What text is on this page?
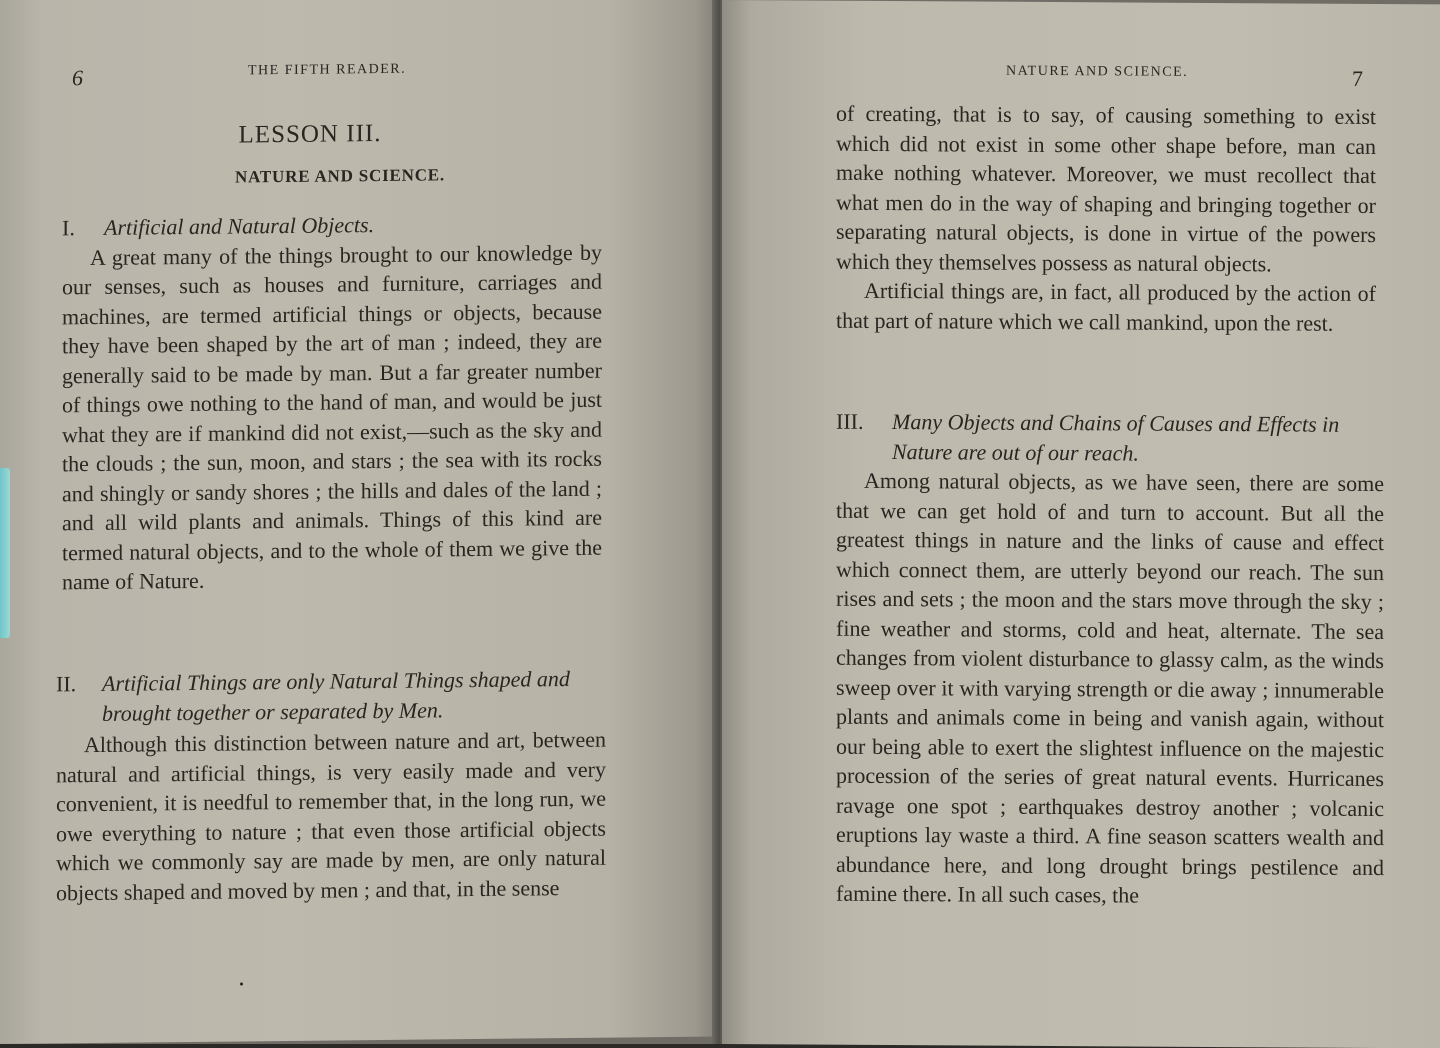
6	THE FIFTH READER.
LESSON III.
NATURE AND SCIENCE.
I.	Artificial and Natural Objects.

A great many of the things brought to our knowledge by our senses, such as houses and furniture, carriages and machines, are termed artificial things or objects, because they have been shaped by the art of man ; indeed, they are generally said to be made by man. But a far greater number of things owe nothing to the hand of man, and would be just what they are if mankind did not exist,—such as the sky and the clouds ; the sun, moon, and stars ; the sea with its rocks and shingly or sandy shores ; the hills and dales of the land ; and all wild plants and animals. Things of this kind are termed natural objects, and to the whole of them we give the name of Nature.

II. Artificial Things are only Natural Things shaped and brought together or separated by Men.

Although this distinction between nature and art, between natural and artificial things, is very easily made and very convenient, it is needful to remember that, in the long run, we owe everything to nature ; that even those artificial objects which we commonly say are made by men, are only natural objects shaped and moved by men ; and that, in the sense

NATURE AND SCIENCE.	7

of creating, that is to say, of causing something to exist which did not exist in some other shape before, man can make nothing whatever. Moreover, we must recollect that what men do in the way of shaping and bringing together or separating natural objects, is done in virtue of the powers which they themselves possess as natural objects.

Artificial things are, in fact, all produced by the action of that part of nature which we call mankind, upon the rest.

III.	Many Objects and Chains of Causes and Effects in Nature are out of our reach.

Among natural objects, as we have seen, there are some that we can get hold of and turn to account. But all the greatest things in nature and the links of cause and effect which connect them, are utterly beyond our reach. The sun rises and sets ; the moon and the stars move through the sky ; fine weather and storms, cold and heat, alternate. The sea changes from violent disturbance to glassy calm, as the winds sweep over it with varying strength or die away ; innumerable plants and animals come in being and vanish again, without our being able to exert the slightest influence on the majestic procession of the series of great natural events. Hurricanes ravage one spot ; earthquakes destroy another ; volcanic eruptions lay waste a third. A fine season scatters wealth and abundance here, and long drought brings pestilence and famine there. In all such cases, the
